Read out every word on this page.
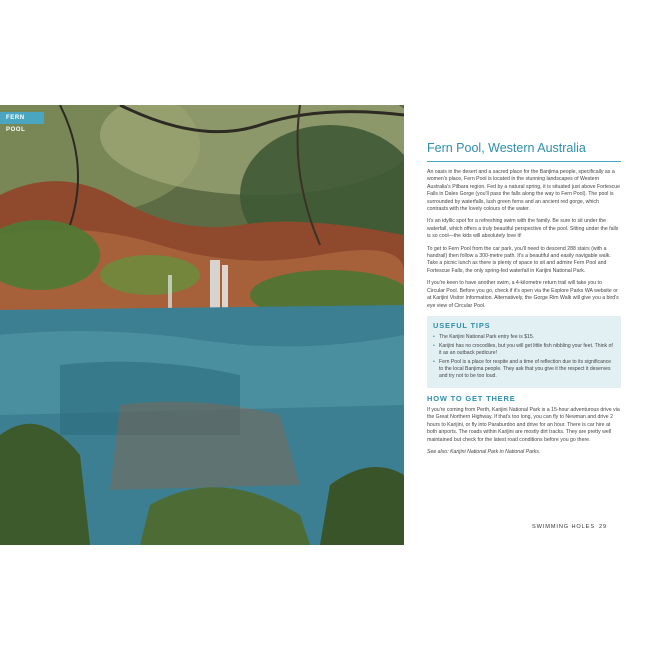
FERN POOL
Fern Pool, Western Australia

An oasis in the desert and a sacred place for the Banjima people, specifically as a women's place, Fern Pool is located in the stunning landscapes of Western Australia's Pilbara region. Fed by a natural spring, it is situated just above Fortescue Falls in Dales Gorge (you'll pass the falls along the way to Fern Pool). The pool is surrounded by waterfalls, lush green ferns and an ancient red gorge, which contrasts with the lovely colours of the water.

It's an idyllic spot for a refreshing swim with the family. Be sure to sit under the waterfall, which offers a truly beautiful perspective of the pool. Sitting under the falls is so cool—the kids will absolutely love it!

To get to Fern Pool from the car park, you'll need to descend 288 stairs (with a handrail) then follow a 300-metre path. It's a beautiful and easily navigable walk. Take a picnic lunch as there is plenty of space to sit and admire Fern Pool and Fortescue Falls, the only spring-fed waterfall in Karijini National Park.

If you're keen to have another swim, a 4-kilometre return trail will take you to Circular Pool. Before you go, check if it's open via the Explore Parks WA website or at Karijini Visitor Information. Alternatively, the Gorge Rim Walk will give you a bird's eye view of Circular Pool.

USEFUL TIPS
• The Karijini National Park entry fee is $15.
• Karijini has no crocodiles, but you will get little fish nibbling your feet. Think of it as an outback pedicure!
• Fern Pool is a place for respite and a time of reflection due to its significance to the local Banjima people. They ask that you give it the respect it deserves and try not to be too loud.
HOW TO GET THERE

If you're coming from Perth, Karijini National Park is a 15-hour adventurous drive via the Great Northern Highway. If that's too long, you can fly to Newman and drive 2 hours to Karijini, or fly into Paraburdoo and drive for an hour. There is car hire at both airports. The roads within Karijini are mostly dirt tracks. They are pretty well maintained but check for the latest road conditions before you go there.

See also: Karijini National Park in National Parks.

SWIMMING HOLES 29
